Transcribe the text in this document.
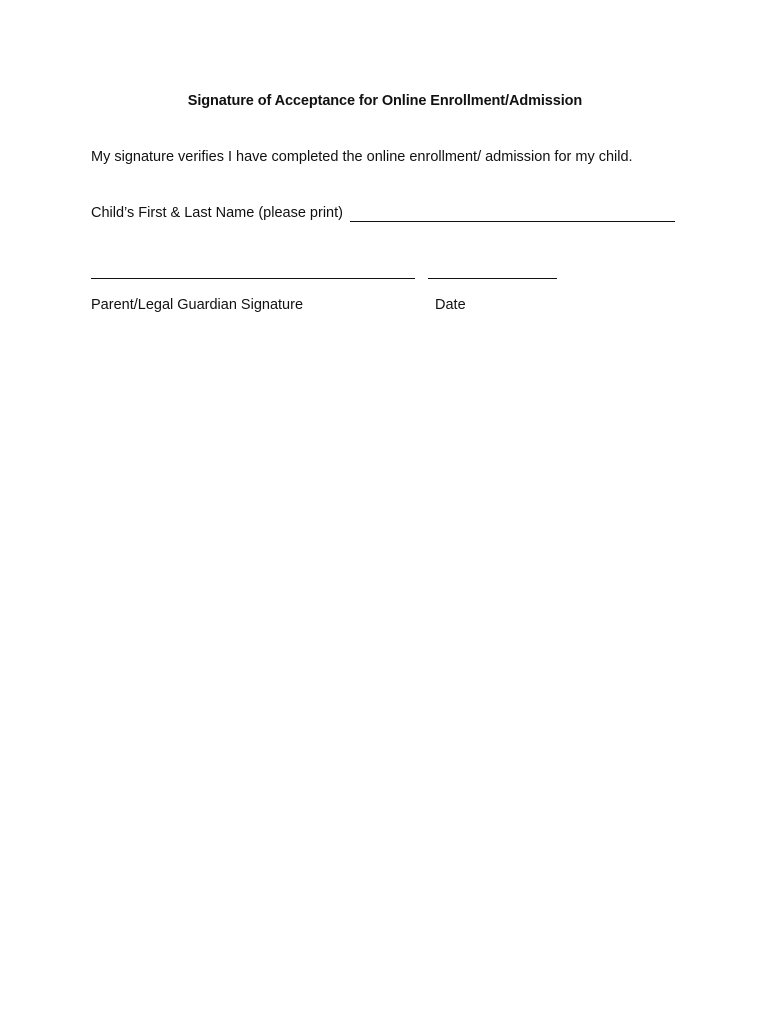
Signature of Acceptance for Online Enrollment/Admission
My signature verifies I have completed the online enrollment/ admission for my child.
Child’s First & Last Name (please print)
Parent/Legal Guardian Signature	Date
